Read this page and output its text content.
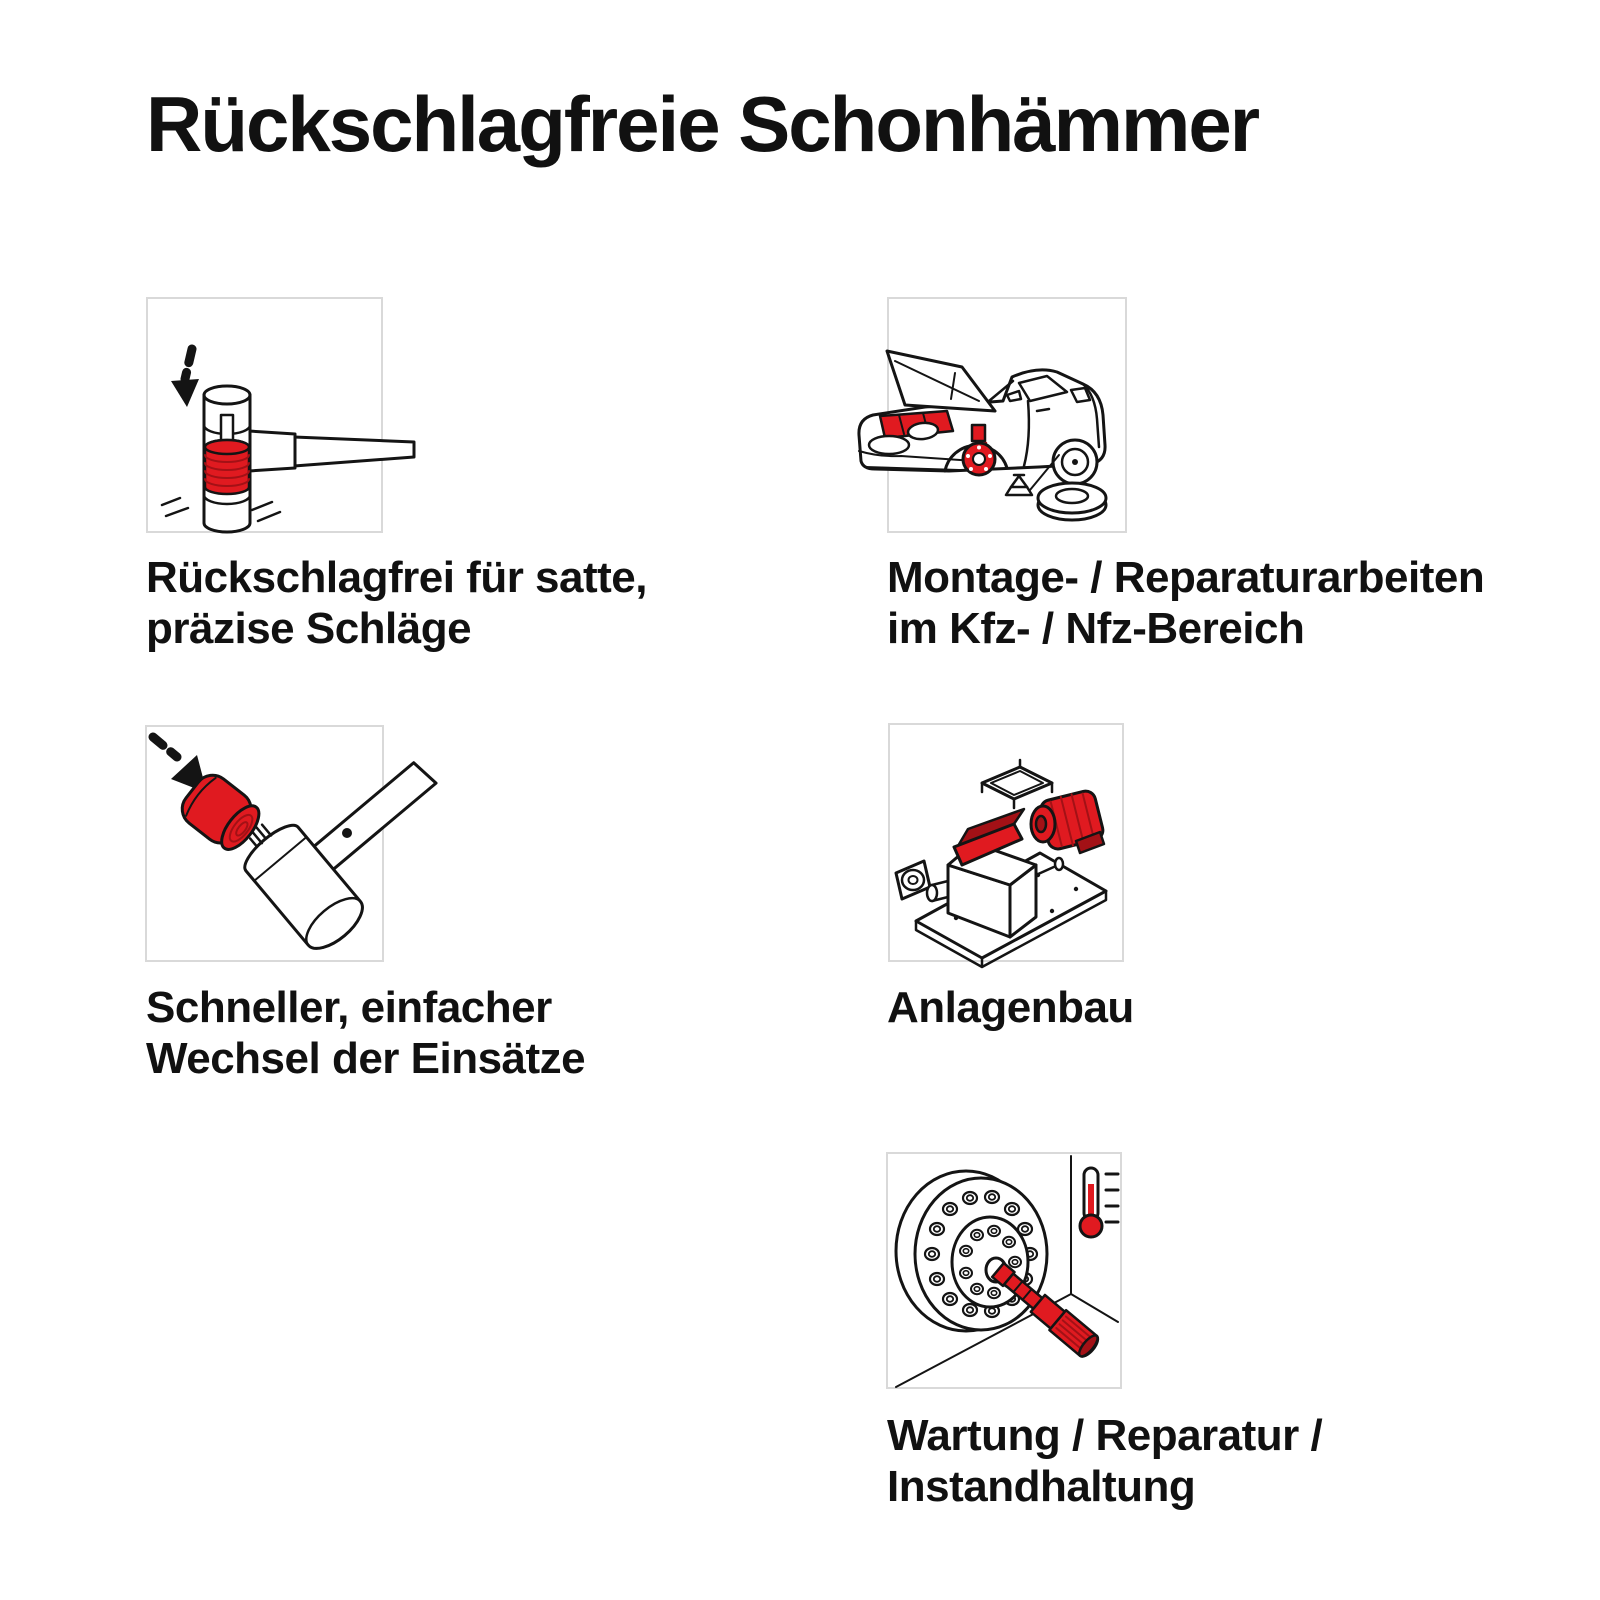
Rückschlagfreie Schonhämmer

Rückschlagfrei für satte,
präzise Schläge

Montage- / Reparaturarbeiten
im Kfz- / Nfz-Bereich

Schneller, einfacher
Wechsel der Einsätze

Anlagenbau

Wartung / Reparatur /
Instandhaltung
